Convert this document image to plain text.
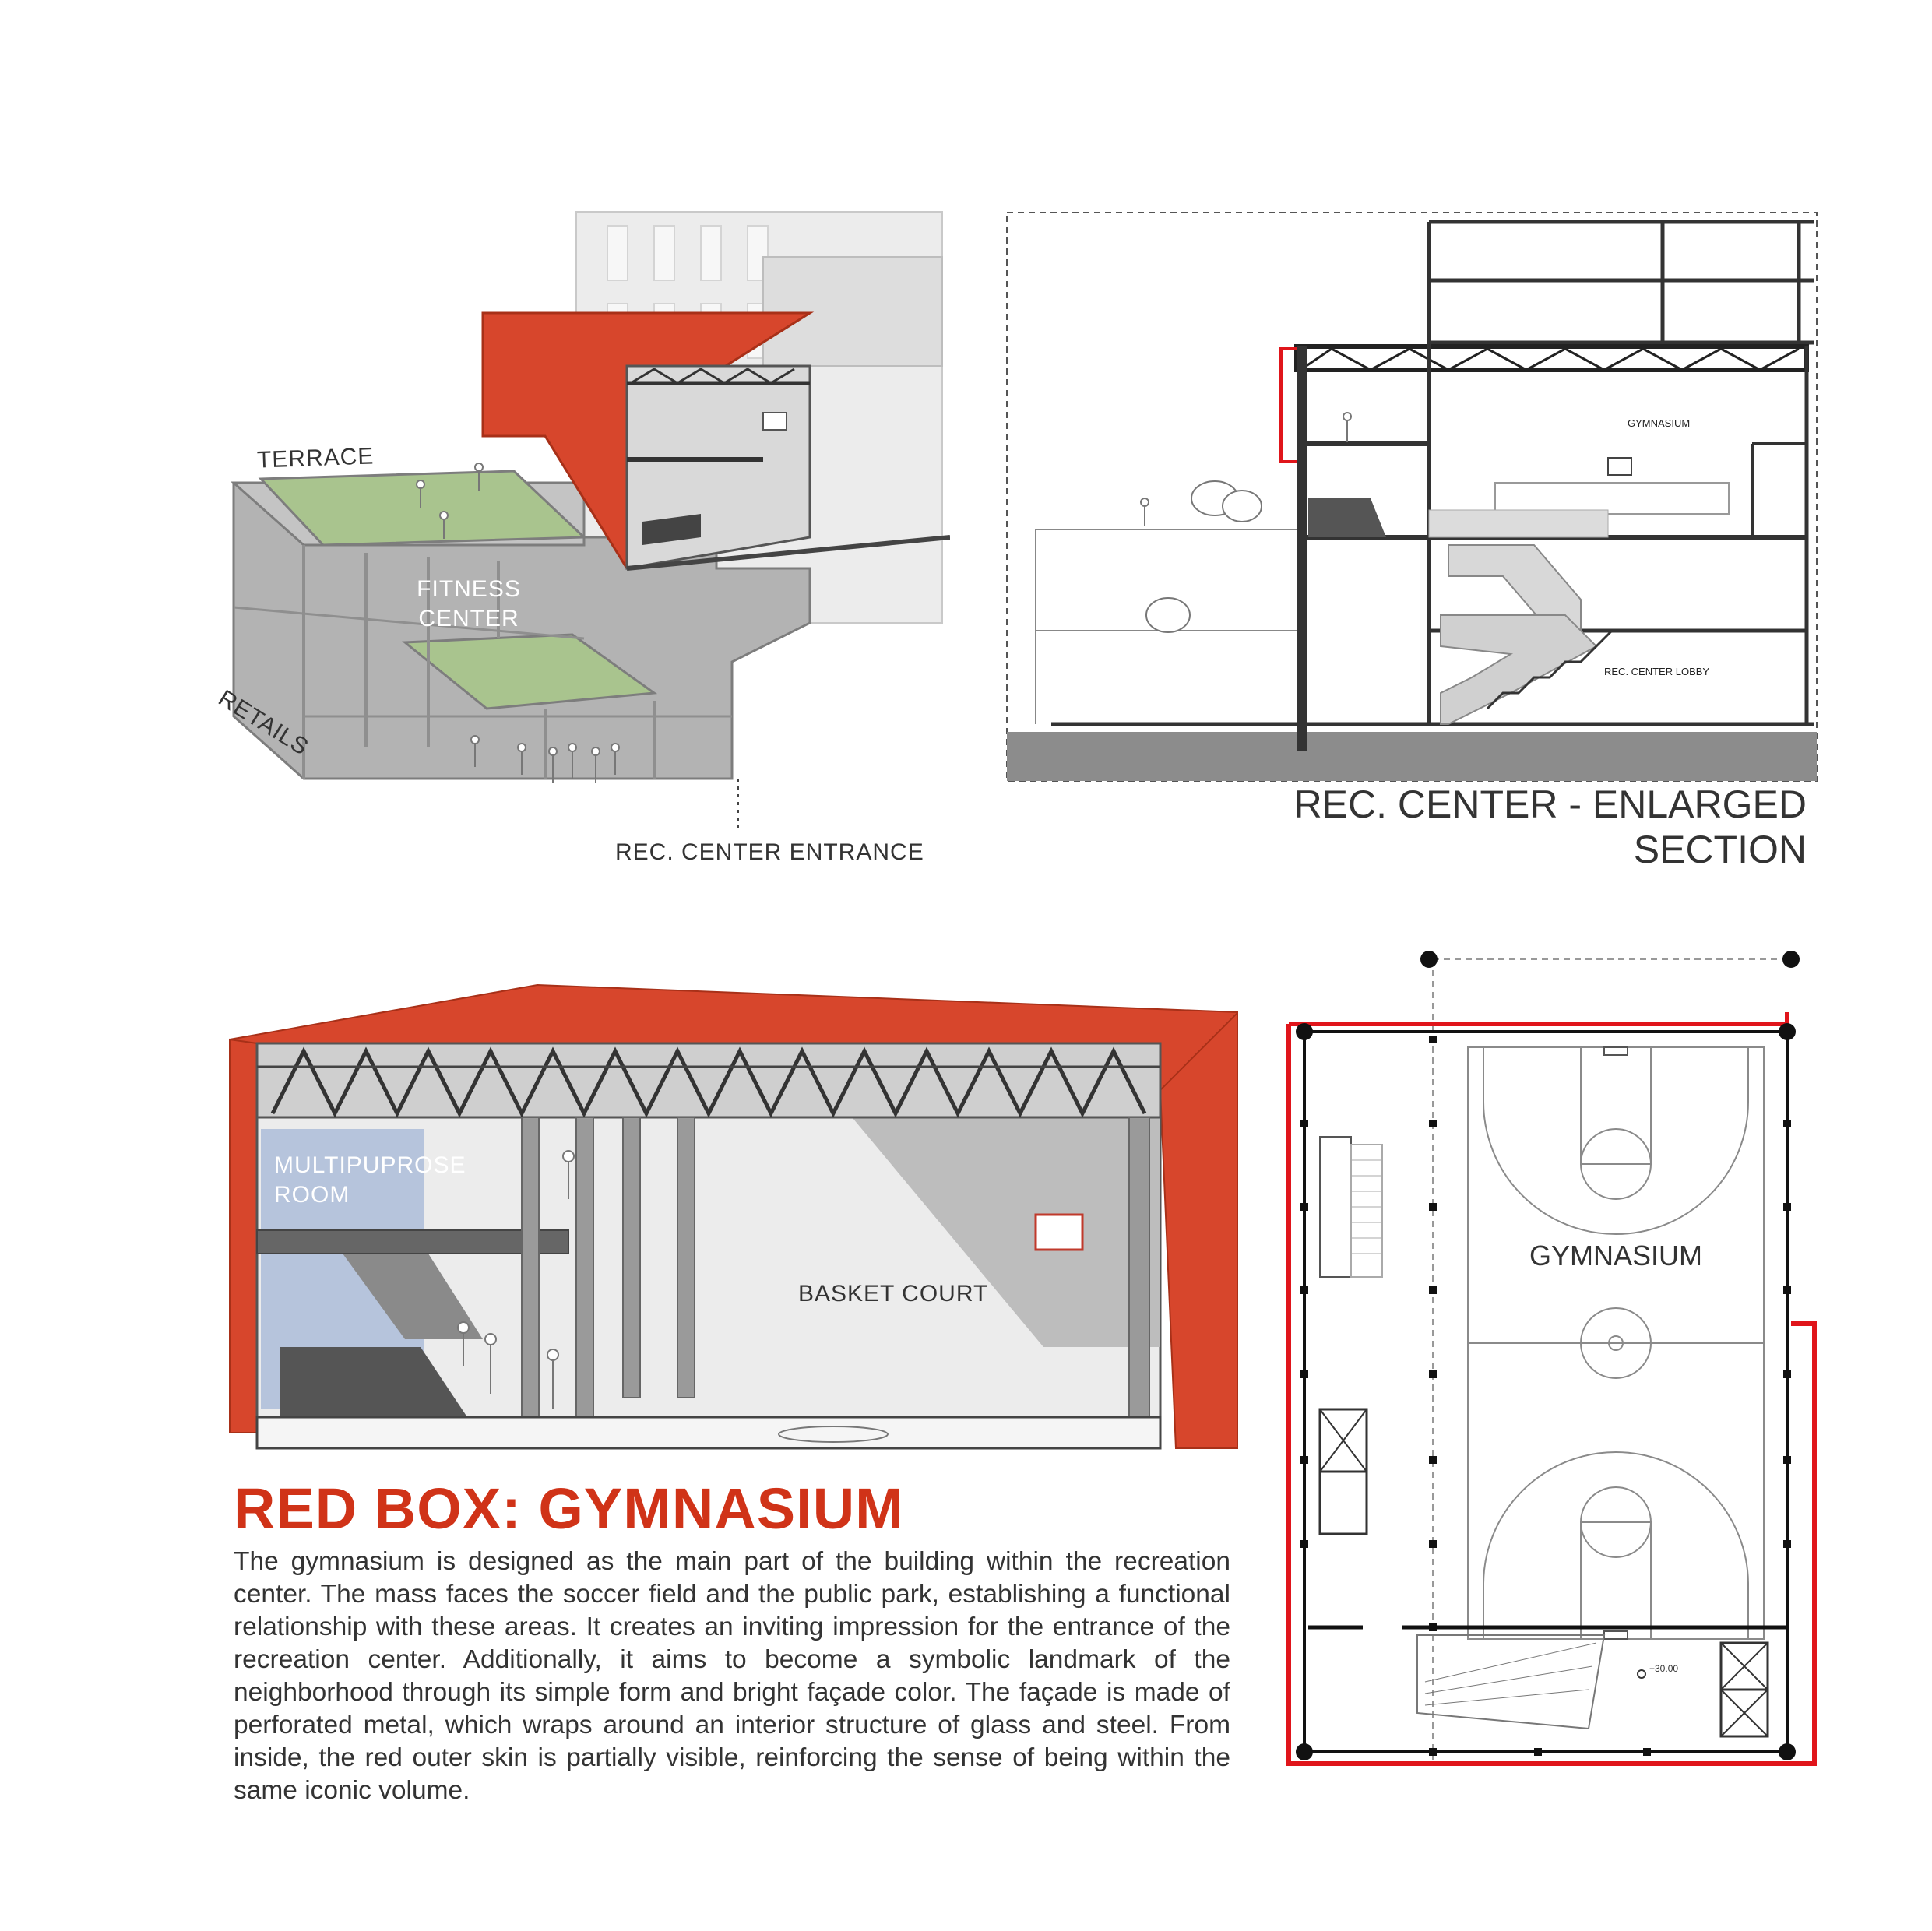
TERRACE
FITNESS CENTER
RETAILS
REC. CENTER ENTRANCE
GYMNASIUM
REC. CENTER LOBBY
REC. CENTER - ENLARGED SECTION
MULTIPUPROSE ROOM
BASKET COURT
GYMNASIUM
+30.00
RED BOX: GYMNASIUM

The gymnasium is designed as the main part of the building within the recreation center. The mass faces the soccer field and the public park, establishing a functional relationship with these areas. It creates an inviting impression for the entrance of the recreation center. Additionally, it aims to become a symbolic landmark of the neighborhood through its simple form and bright façade color. The façade is made of perforated metal, which wraps around an interior structure of glass and steel. From inside, the red outer skin is partially visible, reinforcing the sense of being within the same iconic volume.
